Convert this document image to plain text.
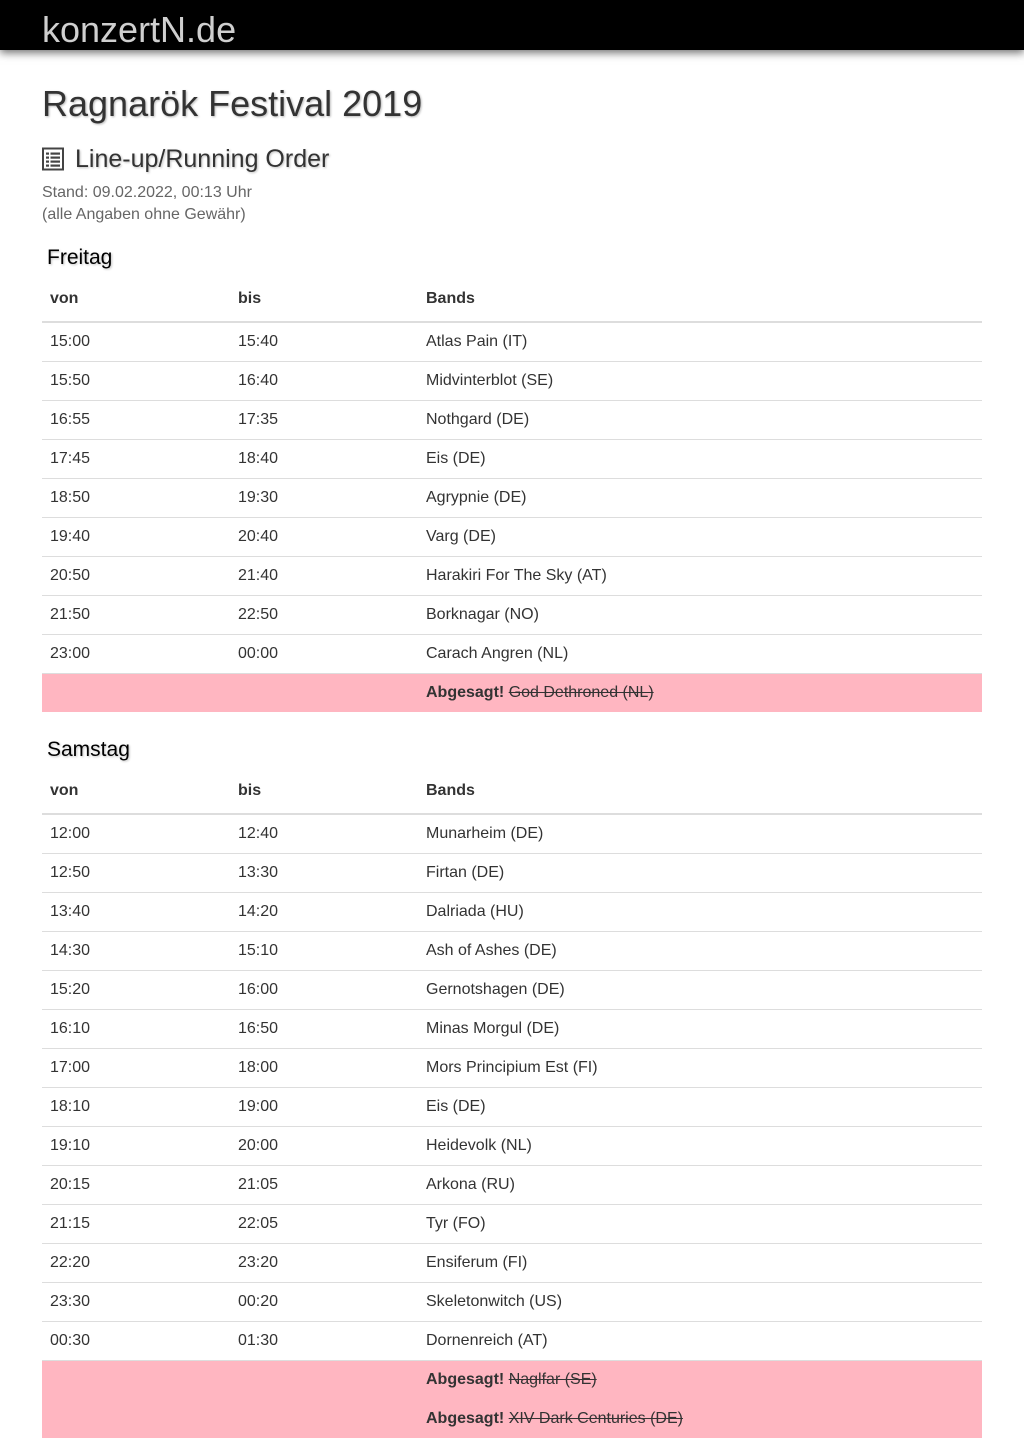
konzertN.de
Ragnarök Festival 2019
Line-up/Running Order
Stand: 09.02.2022, 00:13 Uhr
(alle Angaben ohne Gewähr)
Freitag
von	bis	Bands
15:00	15:40	Atlas Pain (IT)
15:50	16:40	Midvinterblot (SE)
16:55	17:35	Nothgard (DE)
17:45	18:40	Eis (DE)
18:50	19:30	Agrypnie (DE)
19:40	20:40	Varg (DE)
20:50	21:40	Harakiri For The Sky (AT)
21:50	22:50	Borknagar (NO)
23:00	00:00	Carach Angren (NL)
		Abgesagt! God Dethroned (NL)
Samstag
von	bis	Bands
12:00	12:40	Munarheim (DE)
12:50	13:30	Firtan (DE)
13:40	14:20	Dalriada (HU)
14:30	15:10	Ash of Ashes (DE)
15:20	16:00	Gernotshagen (DE)
16:10	16:50	Minas Morgul (DE)
17:00	18:00	Mors Principium Est (FI)
18:10	19:00	Eis (DE)
19:10	20:00	Heidevolk (NL)
20:15	21:05	Arkona (RU)
21:15	22:05	Tyr (FO)
22:20	23:20	Ensiferum (FI)
23:30	00:20	Skeletonwitch (US)
00:30	01:30	Dornenreich (AT)
		Abgesagt! Naglfar (SE)
		Abgesagt! XIV Dark Centuries (DE)
